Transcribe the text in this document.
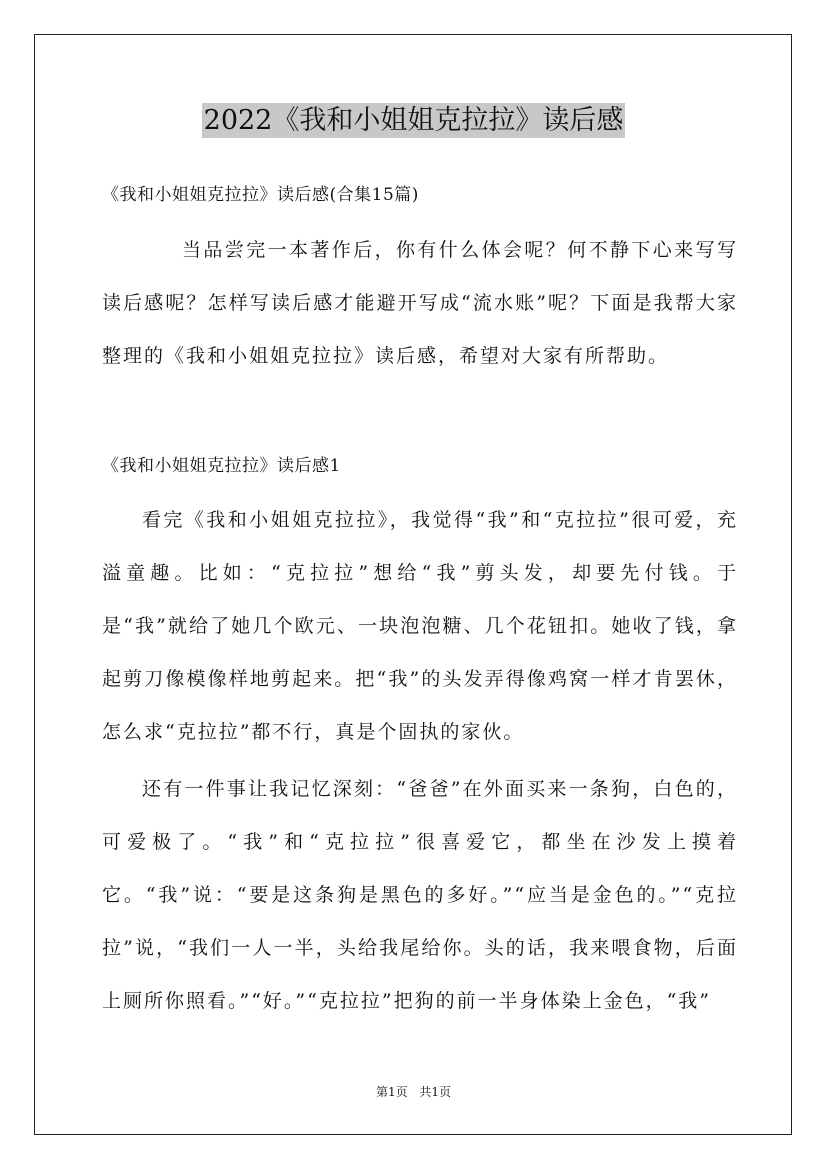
2022《我和小姐姐克拉拉》读后感
《我和小姐姐克拉拉》读后感(合集15篇)

当品尝完一本著作后，你有什么体会呢？何不静下心来写写读后感呢？怎样写读后感才能避开写成“流水账”呢？下面是我帮大家整理的《我和小姐姐克拉拉》读后感，希望对大家有所帮助。

《我和小姐姐克拉拉》读后感1

看完《我和小姐姐克拉拉》，我觉得“我”和“克拉拉”很可爱，充溢童趣。比如：“克拉拉”想给“我”剪头发，却要先付钱。于是“我”就给了她几个欧元、一块泡泡糖、几个花钮扣。她收了钱，拿起剪刀像模像样地剪起来。把“我”的头发弄得像鸡窝一样才肯罢休，怎么求“克拉拉”都不行，真是个固执的家伙。

还有一件事让我记忆深刻：“爸爸”在外面买来一条狗，白色的，可爱极了。“我”和“克拉拉”很喜爱它，都坐在沙发上摸着它。“我”说：“要是这条狗是黑色的多好。”“应当是金色的。”“克拉拉”说，“我们一人一半，头给我尾给你。头的话，我来喂食物，后面上厕所你照看。”“好。”“克拉拉”把狗的前一半身体染上金色，“我”

第1页 共1页
